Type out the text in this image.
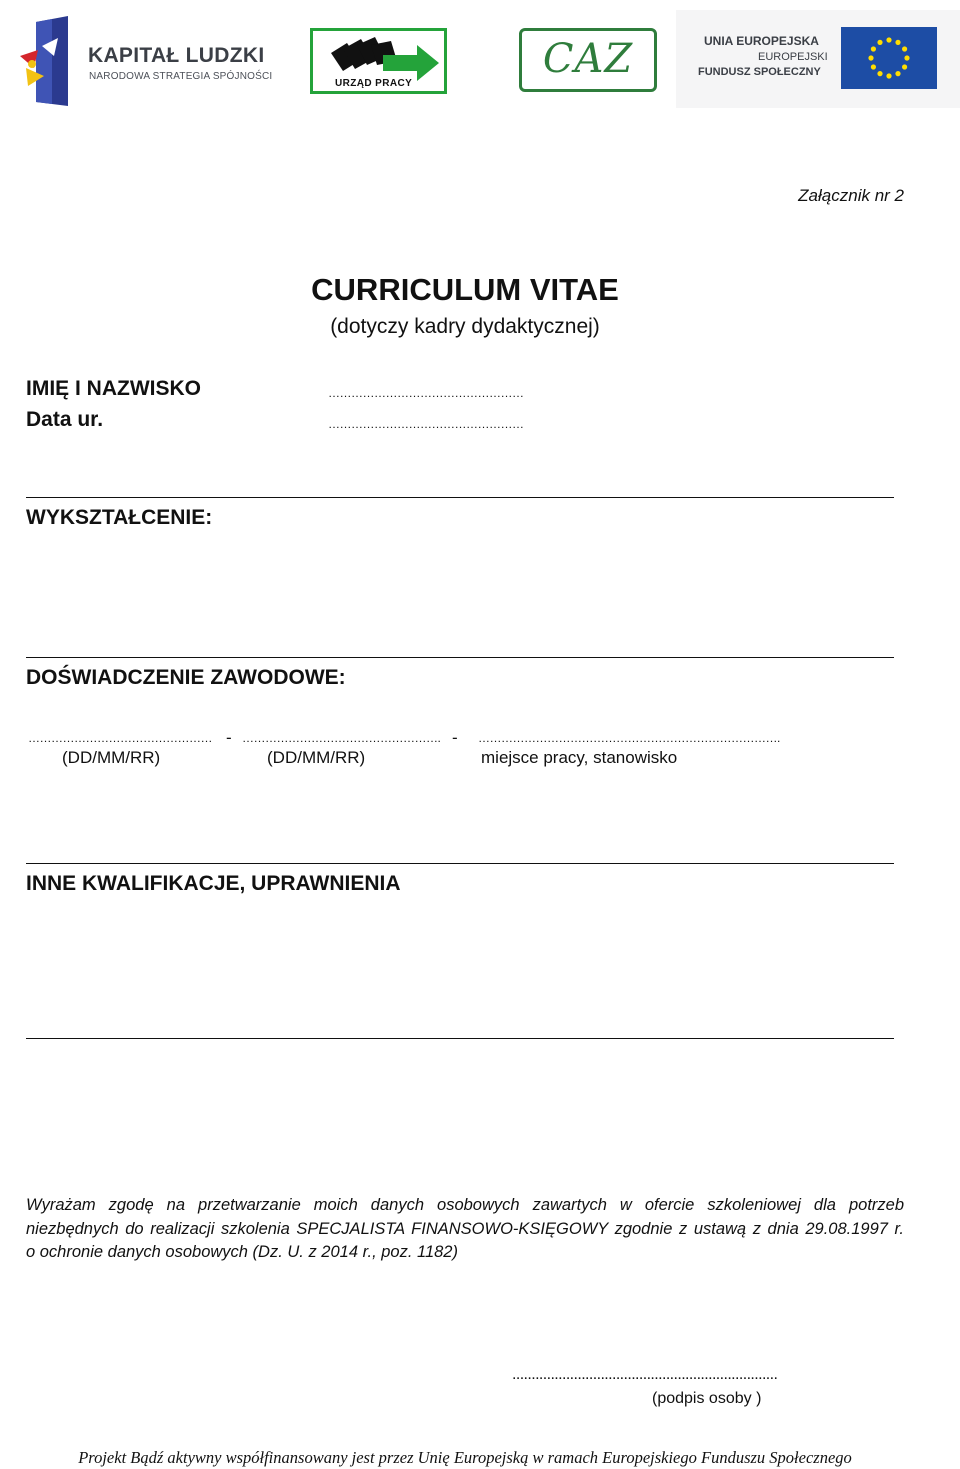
KAPITAŁ LUDZKI
NARODOWA STRATEGIA SPÓJNOŚCI
URZĄD PRACY
CAZ	UNIA EUROPEJSKA
EUROPEJSKI
FUNDUSZ SPOŁECZNY
Załącznik nr 2
CURRICULUM VITAE
(dotyczy kadry dydaktycznej)
IMIĘ I NAZWISKO	……………………………………………
Data ur.	……………………………………………
WYKSZTAŁCENIE:
DOŚWIADCZENIE ZAWODOWE:
………………………………………… - ……………………………………………. - …………………………………………………………………….
(DD/MM/RR)	(DD/MM/RR)	miejsce pracy, stanowisko
INNE KWALIFIKACJE, UPRAWNIENIA

Wyrażam zgodę na przetwarzanie moich danych osobowych zawartych w ofercie szkoleniowej dla potrzeb

niezbędnych do realizacji szkolenia SPECJALISTA FINANSOWO-KSIĘGOWY zgodnie z ustawą z dnia 29.08.1997 r.

o ochronie danych osobowych (Dz. U. z 2014 r., poz. 1182)

.....................................................................
(podpis osoby )
Projekt Bądź aktywny współfinansowany jest przez Unię Europejską w ramach Europejskiego Funduszu Społecznego
